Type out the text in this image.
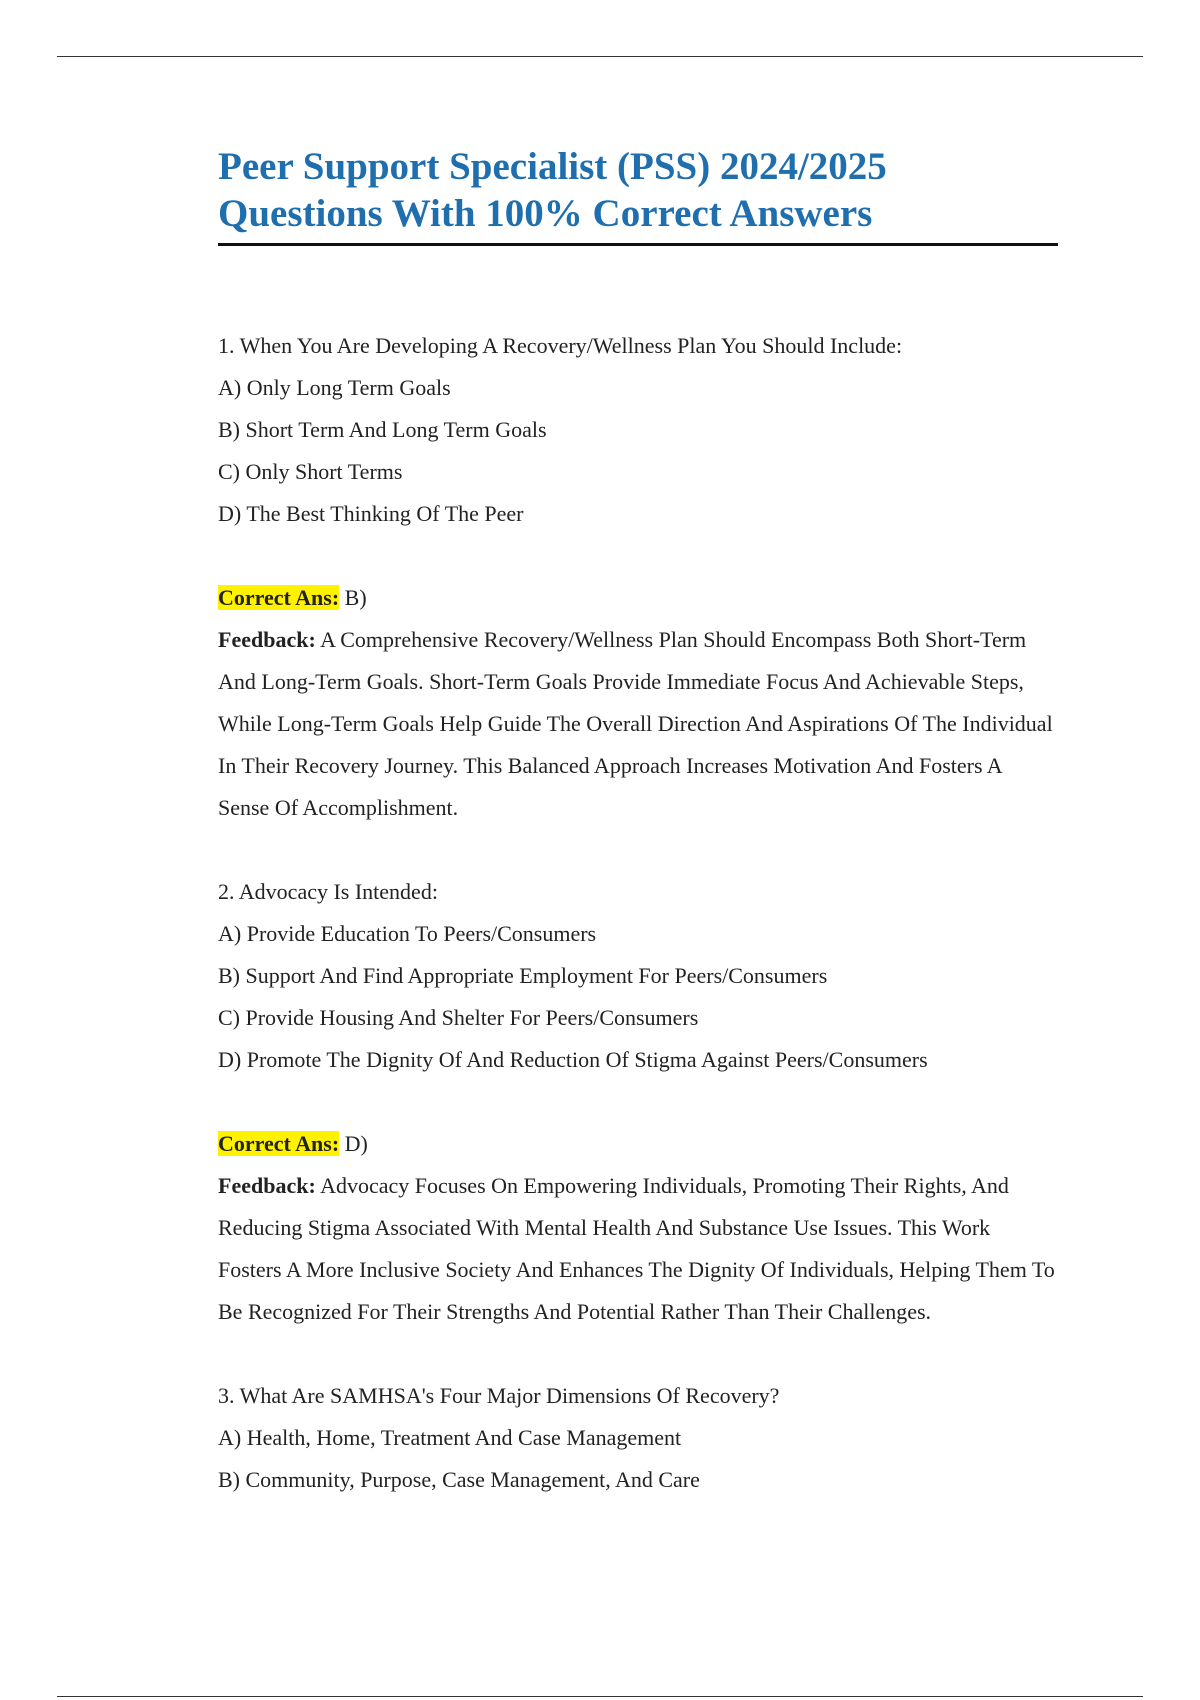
Peer Support Specialist (PSS) 2024/2025
Questions With 100% Correct Answers

1. When You Are Developing A Recovery/Wellness Plan You Should Include:

A) Only Long Term Goals
B) Short Term And Long Term Goals
C) Only Short Terms
D) The Best Thinking Of The Peer

Correct Ans: B)

Feedback: A Comprehensive Recovery/Wellness Plan Should Encompass Both Short-Term And Long-Term Goals. Short-Term Goals Provide Immediate Focus And Achievable Steps, While Long-Term Goals Help Guide The Overall Direction And Aspirations Of The Individual In Their Recovery Journey. This Balanced Approach Increases Motivation And Fosters A Sense Of Accomplishment.

2. Advocacy Is Intended:

A) Provide Education To Peers/Consumers
B) Support And Find Appropriate Employment For Peers/Consumers
C) Provide Housing And Shelter For Peers/Consumers
D) Promote The Dignity Of And Reduction Of Stigma Against Peers/Consumers

Correct Ans: D)

Feedback: Advocacy Focuses On Empowering Individuals, Promoting Their Rights, And Reducing Stigma Associated With Mental Health And Substance Use Issues. This Work Fosters A More Inclusive Society And Enhances The Dignity Of Individuals, Helping Them To Be Recognized For Their Strengths And Potential Rather Than Their Challenges.

3. What Are SAMHSA's Four Major Dimensions Of Recovery?

A) Health, Home, Treatment And Case Management
B) Community, Purpose, Case Management, And Care
